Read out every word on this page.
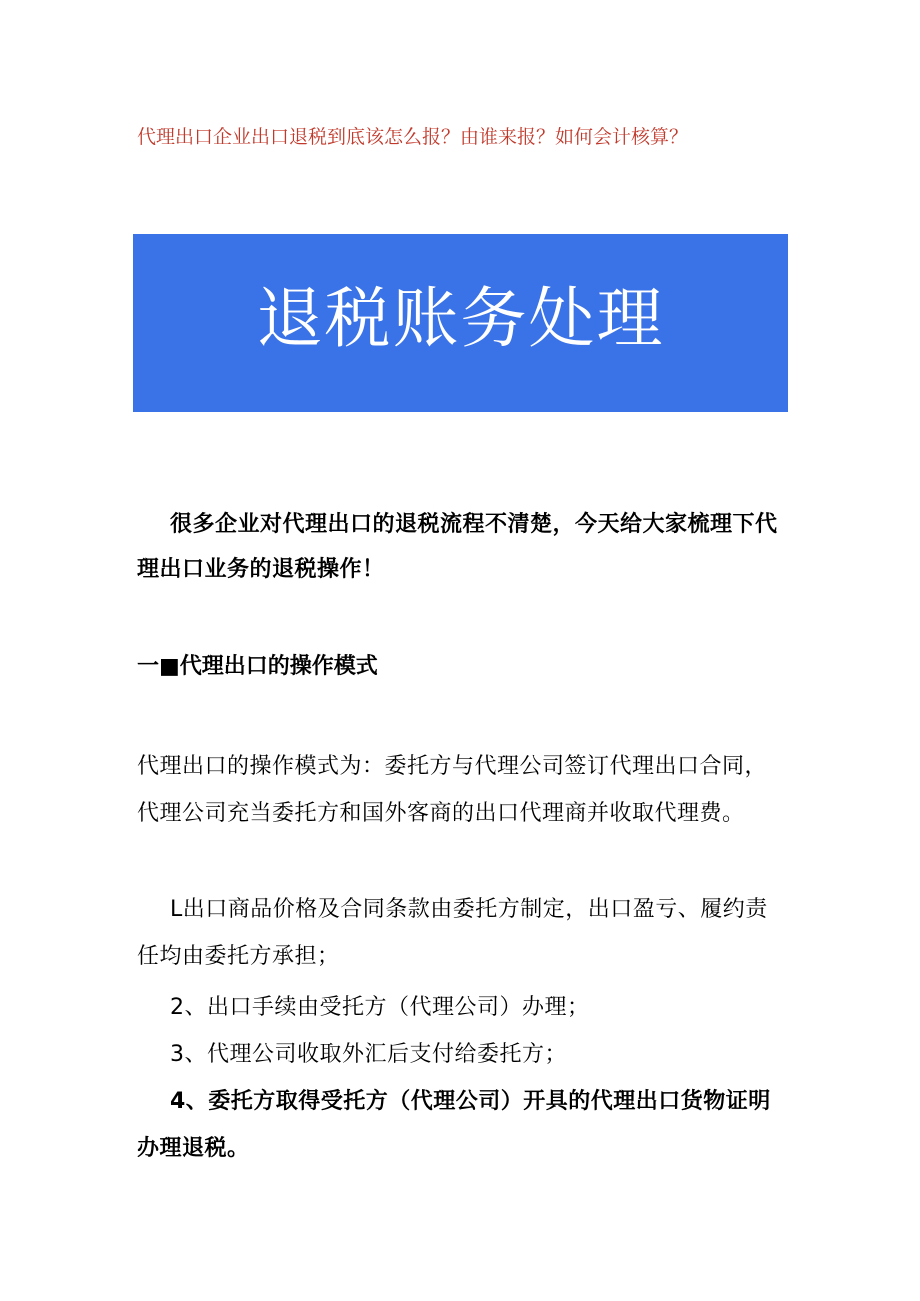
代理出口企业出口退税到底该怎么报？由谁来报？如何会计核算？
退税账务处理

很多企业对代理出口的退税流程不清楚，今天给大家梳理下代理出口业务的退税操作！

一■代理出口的操作模式

代理出口的操作模式为：委托方与代理公司签订代理出口合同，代理公司充当委托方和国外客商的出口代理商并收取代理费。

L出口商品价格及合同条款由委托方制定，出口盈亏、履约责任均由委托方承担；

2、出口手续由受托方（代理公司）办理；

3、代理公司收取外汇后支付给委托方；

4、委托方取得受托方（代理公司）开具的代理出口货物证明办理退税。
